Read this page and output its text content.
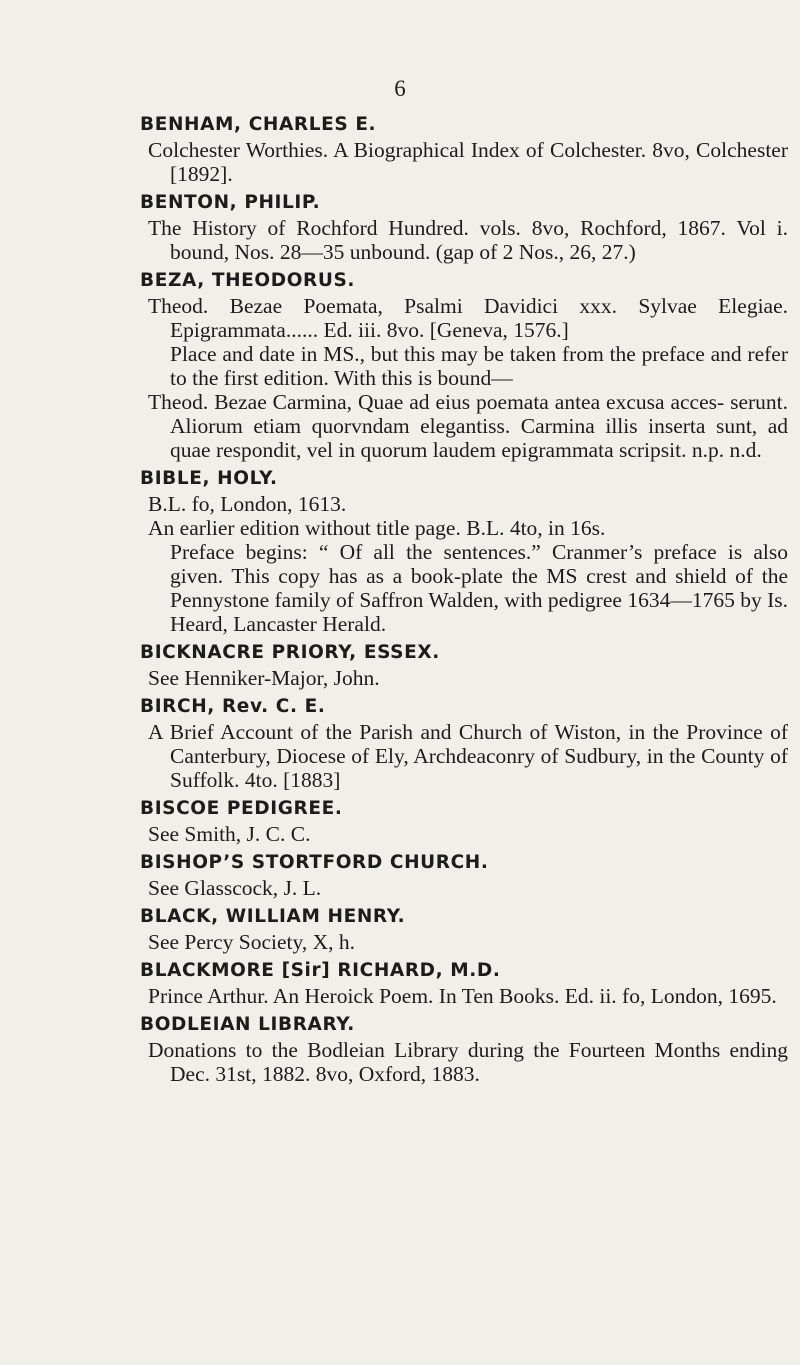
6
BENHAM, CHARLES E.
Colchester Worthies. A Biographical Index of Colchester. 8vo, Colchester [1892].
BENTON, PHILIP.
The History of Rochford Hundred. vols. 8vo, Rochford, 1867. Vol i. bound, Nos. 28—35 unbound. (gap of 2 Nos., 26, 27.)
BEZA, THEODORUS.
Theod. Bezae Poemata, Psalmi Davidici xxx. Sylvae Elegiae. Epigrammata...... Ed. iii. 8vo. [Geneva, 1576.]
Place and date in MS., but this may be taken from the preface and refer to the first edition. With this is bound—
Theod. Bezae Carmina, Quae ad eius poemata antea excusa acces- serunt. Aliorum etiam quorvndam elegantiss. Carmina illis inserta sunt, ad quae respondit, vel in quorum laudem epigrammata scripsit. n.p. n.d.
BIBLE, HOLY.
B.L. fo, London, 1613.
An earlier edition without title page. B.L. 4to, in 16s.
Preface begins: “ Of all the sentences.” Cranmer’s preface is also given. This copy has as a book-plate the MS crest and shield of the Pennystone family of Saffron Walden, with pedigree 1634—1765 by Is. Heard, Lancaster Herald.
BICKNACRE PRIORY, ESSEX.
See Henniker-Major, John.
BIRCH, Rev. C. E.
A Brief Account of the Parish and Church of Wiston, in the Province of Canterbury, Diocese of Ely, Archdeaconry of Sudbury, in the County of Suffolk. 4to. [1883]
BISCOE PEDIGREE.
See Smith, J. C. C.
BISHOP’S STORTFORD CHURCH.
See Glasscock, J. L.
BLACK, WILLIAM HENRY.
See Percy Society, X, h.
BLACKMORE [Sir] RICHARD, M.D.
Prince Arthur. An Heroick Poem. In Ten Books. Ed. ii. fo, London, 1695.
BODLEIAN LIBRARY.
Donations to the Bodleian Library during the Fourteen Months ending Dec. 31st, 1882. 8vo, Oxford, 1883.
